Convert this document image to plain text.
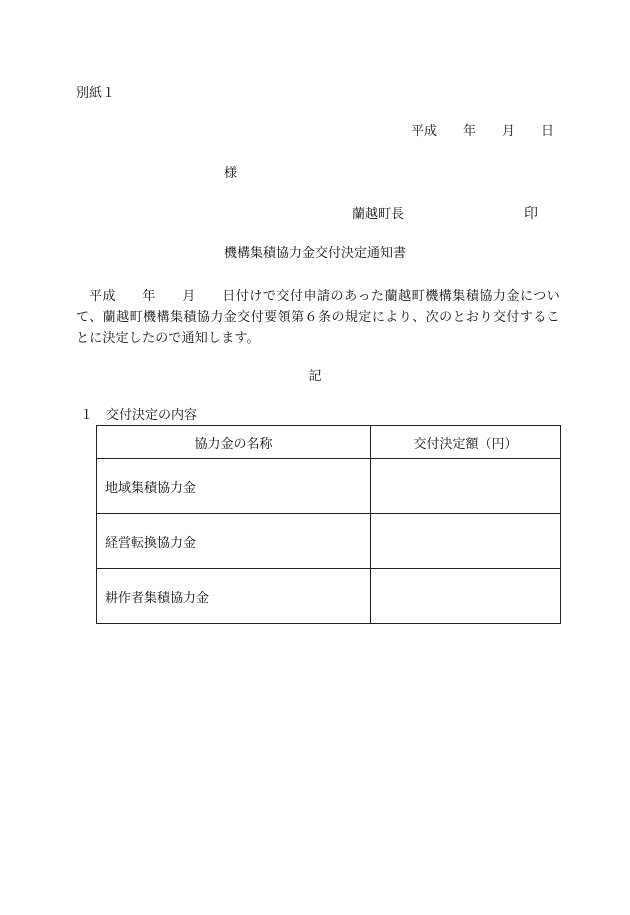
別紙１
平成 年 月 日
様
蘭越町長	印
機構集積協力金交付決定通知書
平成 年 月 日付けで交付申請のあった蘭越町機構集積協力金について、蘭越町機構集積協力金交付要領第６条の規定により、次のとおり交付することに決定したので通知します。
記
１ 交付決定の内容
協力金の名称	交付決定額（円）
地域集積協力金	
経営転換協力金	
耕作者集積協力金	
